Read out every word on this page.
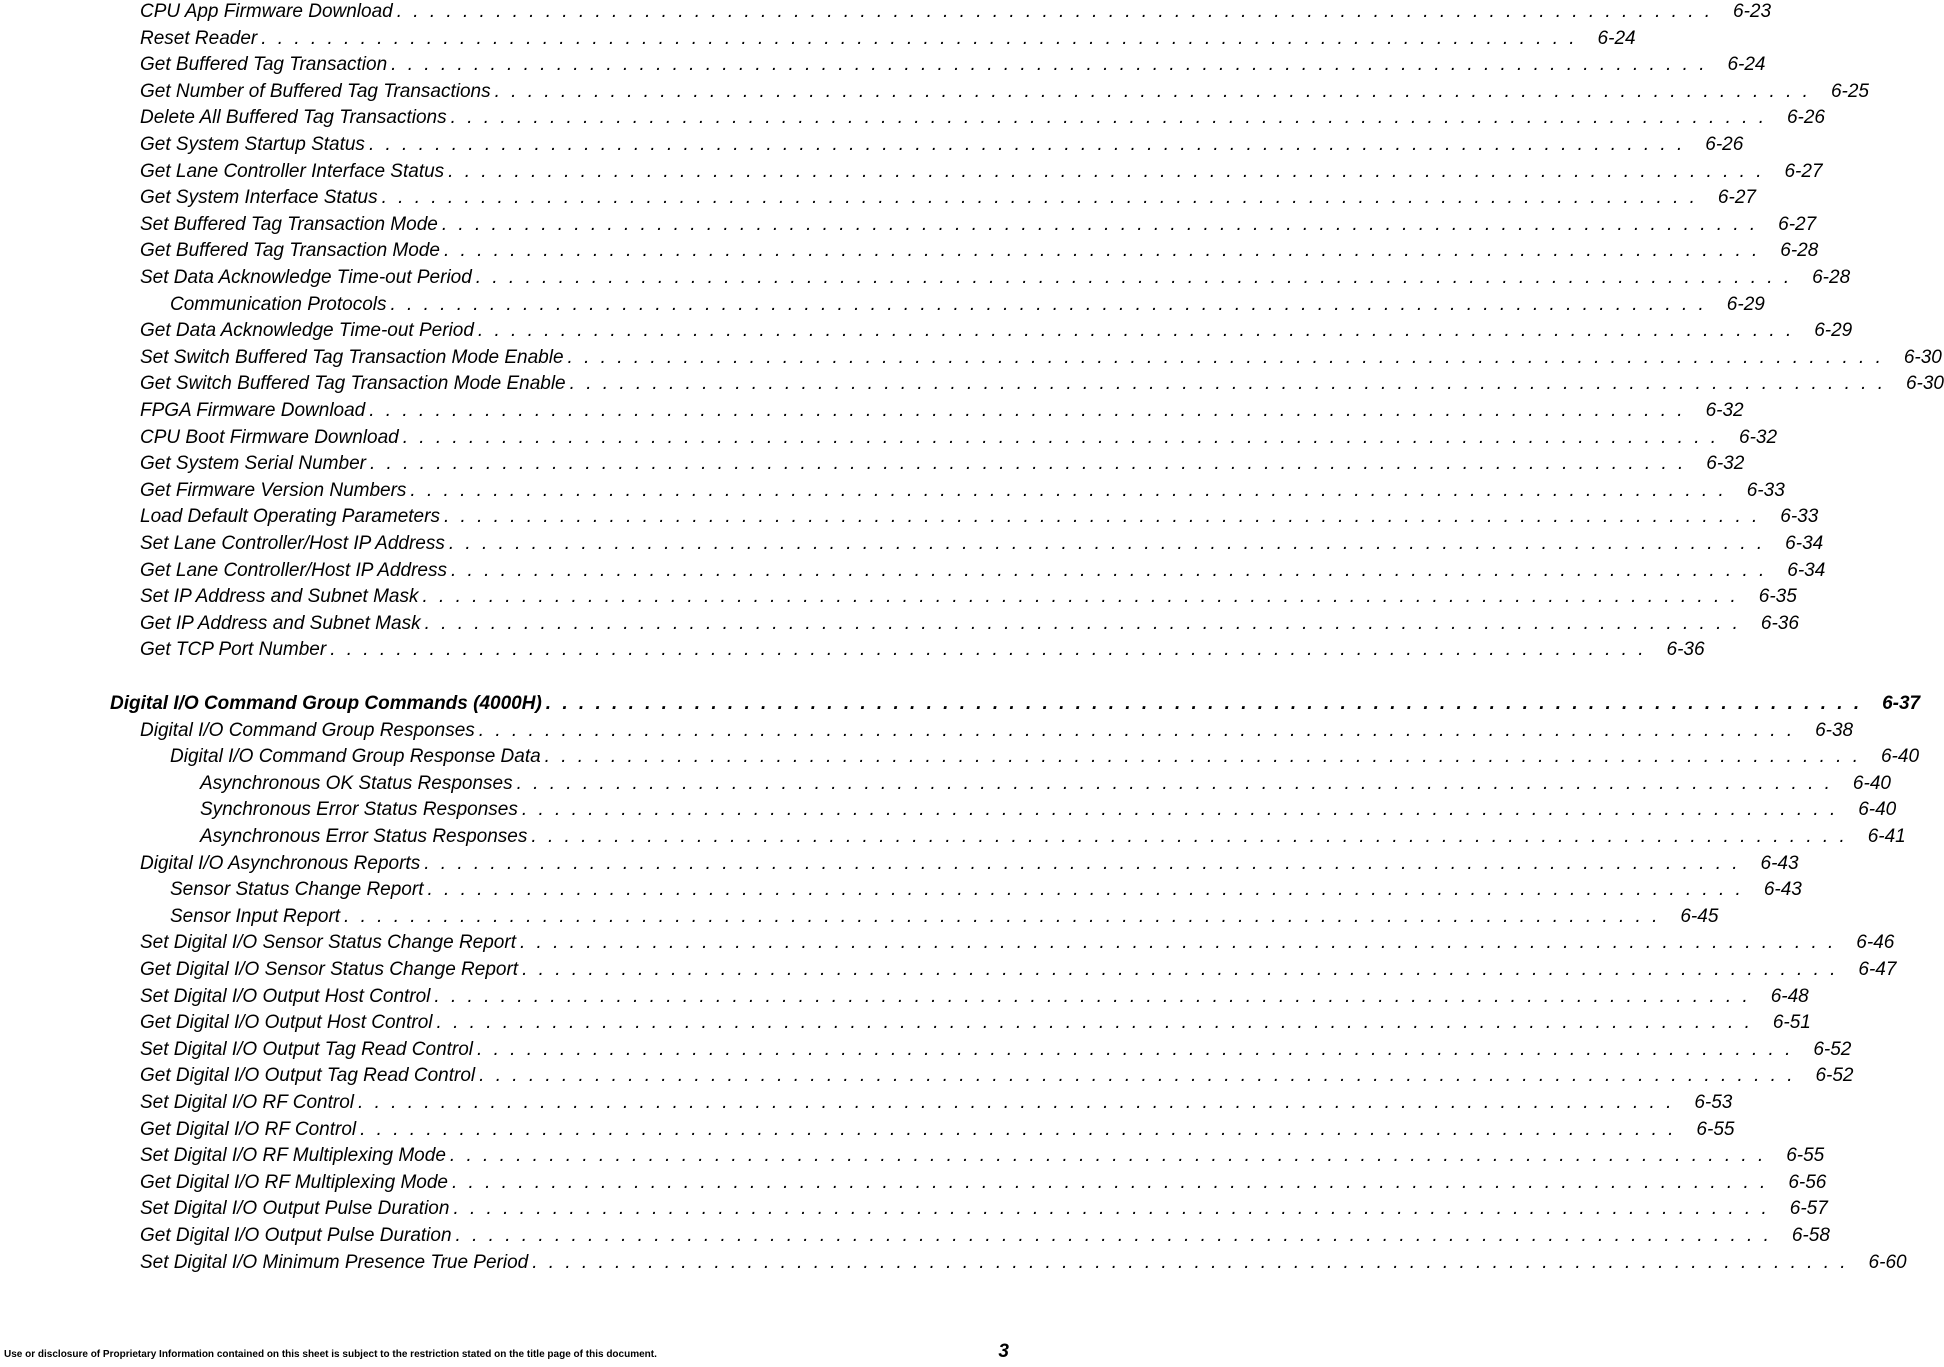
CPU App Firmware Download . . . . . . . . . . . . . . . . . . . . . . . . . . . . . . . . . . . . . . . . . . . . . . . . . . . . . . . . . . . . . . . . . . . . . . . . . . . . . . . .	6-23
Reset Reader . . . . . . . . . . . . . . . . . . . . . . . . . . . . . . . . . . . . . . . . . . . . . . . . . . . . . . . . . . . . . . . . . . . . . . . . . . . . . . . .	6-24
Get Buffered Tag Transaction . . . . . . . . . . . . . . . . . . . . . . . . . . . . . . . . . . . . . . . . . . . . . . . . . . . . . . . . . . . . . . . . . . . . . . . . . . . . . . . .	6-24
Get Number of Buffered Tag Transactions . . . . . . . . . . . . . . . . . . . . . . . . . . . . . . . . . . . . . . . . . . . . . . . . . . . . . . . . . . . . . . . . . . . . . . . . . . . . . . . .	6-25
Delete All Buffered Tag Transactions . . . . . . . . . . . . . . . . . . . . . . . . . . . . . . . . . . . . . . . . . . . . . . . . . . . . . . . . . . . . . . . . . . . . . . . . . . . . . . . .	6-26
Get System Startup Status . . . . . . . . . . . . . . . . . . . . . . . . . . . . . . . . . . . . . . . . . . . . . . . . . . . . . . . . . . . . . . . . . . . . . . . . . . . . . . . .	6-26
Get Lane Controller Interface Status . . . . . . . . . . . . . . . . . . . . . . . . . . . . . . . . . . . . . . . . . . . . . . . . . . . . . . . . . . . . . . . . . . . . . . . . . . . . . . . .	6-27
Get System Interface Status . . . . . . . . . . . . . . . . . . . . . . . . . . . . . . . . . . . . . . . . . . . . . . . . . . . . . . . . . . . . . . . . . . . . . . . . . . . . . . . .	6-27
Set Buffered Tag Transaction Mode . . . . . . . . . . . . . . . . . . . . . . . . . . . . . . . . . . . . . . . . . . . . . . . . . . . . . . . . . . . . . . . . . . . . . . . . . . . . . . . .	6-27
Get Buffered Tag Transaction Mode . . . . . . . . . . . . . . . . . . . . . . . . . . . . . . . . . . . . . . . . . . . . . . . . . . . . . . . . . . . . . . . . . . . . . . . . . . . . . . . .	6-28
Set Data Acknowledge Time-out Period . . . . . . . . . . . . . . . . . . . . . . . . . . . . . . . . . . . . . . . . . . . . . . . . . . . . . . . . . . . . . . . . . . . . . . . . . . . . . . . .	6-28
Communication Protocols . . . . . . . . . . . . . . . . . . . . . . . . . . . . . . . . . . . . . . . . . . . . . . . . . . . . . . . . . . . . . . . . . . . . . . . . . . . . . . . .	6-29
Get Data Acknowledge Time-out Period . . . . . . . . . . . . . . . . . . . . . . . . . . . . . . . . . . . . . . . . . . . . . . . . . . . . . . . . . . . . . . . . . . . . . . . . . . . . . . . .	6-29
Set Switch Buffered Tag Transaction Mode Enable . . . . . . . . . . . . . . . . . . . . . . . . . . . . . . . . . . . . . . . . . . . . . . . . . . . . . . . . . . . . . . . . . . . . . . . . . . . . . . . .	6-30
Get Switch Buffered Tag Transaction Mode Enable . . . . . . . . . . . . . . . . . . . . . . . . . . . . . . . . . . . . . . . . . . . . . . . . . . . . . . . . . . . . . . . . . . . . . . . . . . . . . . . .	6-30
FPGA Firmware Download . . . . . . . . . . . . . . . . . . . . . . . . . . . . . . . . . . . . . . . . . . . . . . . . . . . . . . . . . . . . . . . . . . . . . . . . . . . . . . . .	6-32
CPU Boot Firmware Download . . . . . . . . . . . . . . . . . . . . . . . . . . . . . . . . . . . . . . . . . . . . . . . . . . . . . . . . . . . . . . . . . . . . . . . . . . . . . . . .	6-32
Get System Serial Number . . . . . . . . . . . . . . . . . . . . . . . . . . . . . . . . . . . . . . . . . . . . . . . . . . . . . . . . . . . . . . . . . . . . . . . . . . . . . . . .	6-32
Get Firmware Version Numbers . . . . . . . . . . . . . . . . . . . . . . . . . . . . . . . . . . . . . . . . . . . . . . . . . . . . . . . . . . . . . . . . . . . . . . . . . . . . . . . .	6-33
Load Default Operating Parameters . . . . . . . . . . . . . . . . . . . . . . . . . . . . . . . . . . . . . . . . . . . . . . . . . . . . . . . . . . . . . . . . . . . . . . . . . . . . . . . .	6-33
Set Lane Controller/Host IP Address . . . . . . . . . . . . . . . . . . . . . . . . . . . . . . . . . . . . . . . . . . . . . . . . . . . . . . . . . . . . . . . . . . . . . . . . . . . . . . . .	6-34
Get Lane Controller/Host IP Address . . . . . . . . . . . . . . . . . . . . . . . . . . . . . . . . . . . . . . . . . . . . . . . . . . . . . . . . . . . . . . . . . . . . . . . . . . . . . . . .	6-34
Set IP Address and Subnet Mask . . . . . . . . . . . . . . . . . . . . . . . . . . . . . . . . . . . . . . . . . . . . . . . . . . . . . . . . . . . . . . . . . . . . . . . . . . . . . . . .	6-35
Get IP Address and Subnet Mask . . . . . . . . . . . . . . . . . . . . . . . . . . . . . . . . . . . . . . . . . . . . . . . . . . . . . . . . . . . . . . . . . . . . . . . . . . . . . . . .	6-36
Get TCP Port Number . . . . . . . . . . . . . . . . . . . . . . . . . . . . . . . . . . . . . . . . . . . . . . . . . . . . . . . . . . . . . . . . . . . . . . . . . . . . . . . .	6-36
Digital I/O Command Group Commands (4000H) . . . . . . . . . . . . . . . . . . . . . . . . . . . . . . . . . . . . . . . . . . . . . . . . . . . . . . . . . . . . . . . . . . . . . . . . . . . . . . . .	6-37
Digital I/O Command Group Responses . . . . . . . . . . . . . . . . . . . . . . . . . . . . . . . . . . . . . . . . . . . . . . . . . . . . . . . . . . . . . . . . . . . . . . . . . . . . . . . .	6-38
Digital I/O Command Group Response Data . . . . . . . . . . . . . . . . . . . . . . . . . . . . . . . . . . . . . . . . . . . . . . . . . . . . . . . . . . . . . . . . . . . . . . . . . . . . . . . .	6-40
Asynchronous OK Status Responses . . . . . . . . . . . . . . . . . . . . . . . . . . . . . . . . . . . . . . . . . . . . . . . . . . . . . . . . . . . . . . . . . . . . . . . . . . . . . . . .	6-40
Synchronous Error Status Responses . . . . . . . . . . . . . . . . . . . . . . . . . . . . . . . . . . . . . . . . . . . . . . . . . . . . . . . . . . . . . . . . . . . . . . . . . . . . . . . .	6-40
Asynchronous Error Status Responses . . . . . . . . . . . . . . . . . . . . . . . . . . . . . . . . . . . . . . . . . . . . . . . . . . . . . . . . . . . . . . . . . . . . . . . . . . . . . . . .	6-41
Digital I/O Asynchronous Reports . . . . . . . . . . . . . . . . . . . . . . . . . . . . . . . . . . . . . . . . . . . . . . . . . . . . . . . . . . . . . . . . . . . . . . . . . . . . . . . .	6-43
Sensor Status Change Report . . . . . . . . . . . . . . . . . . . . . . . . . . . . . . . . . . . . . . . . . . . . . . . . . . . . . . . . . . . . . . . . . . . . . . . . . . . . . . . .	6-43
Sensor Input Report . . . . . . . . . . . . . . . . . . . . . . . . . . . . . . . . . . . . . . . . . . . . . . . . . . . . . . . . . . . . . . . . . . . . . . . . . . . . . . . .	6-45
Set Digital I/O Sensor Status Change Report . . . . . . . . . . . . . . . . . . . . . . . . . . . . . . . . . . . . . . . . . . . . . . . . . . . . . . . . . . . . . . . . . . . . . . . . . . . . . . . .	6-46
Get Digital I/O Sensor Status Change Report . . . . . . . . . . . . . . . . . . . . . . . . . . . . . . . . . . . . . . . . . . . . . . . . . . . . . . . . . . . . . . . . . . . . . . . . . . . . . . . .	6-47
Set Digital I/O Output Host Control . . . . . . . . . . . . . . . . . . . . . . . . . . . . . . . . . . . . . . . . . . . . . . . . . . . . . . . . . . . . . . . . . . . . . . . . . . . . . . . .	6-48
Get Digital I/O Output Host Control . . . . . . . . . . . . . . . . . . . . . . . . . . . . . . . . . . . . . . . . . . . . . . . . . . . . . . . . . . . . . . . . . . . . . . . . . . . . . . . .	6-51
Set Digital I/O Output Tag Read Control . . . . . . . . . . . . . . . . . . . . . . . . . . . . . . . . . . . . . . . . . . . . . . . . . . . . . . . . . . . . . . . . . . . . . . . . . . . . . . . .	6-52
Get Digital I/O Output Tag Read Control . . . . . . . . . . . . . . . . . . . . . . . . . . . . . . . . . . . . . . . . . . . . . . . . . . . . . . . . . . . . . . . . . . . . . . . . . . . . . . . .	6-52
Set Digital I/O RF Control . . . . . . . . . . . . . . . . . . . . . . . . . . . . . . . . . . . . . . . . . . . . . . . . . . . . . . . . . . . . . . . . . . . . . . . . . . . . . . . .	6-53
Get Digital I/O RF Control . . . . . . . . . . . . . . . . . . . . . . . . . . . . . . . . . . . . . . . . . . . . . . . . . . . . . . . . . . . . . . . . . . . . . . . . . . . . . . . .	6-55
Set Digital I/O RF Multiplexing Mode . . . . . . . . . . . . . . . . . . . . . . . . . . . . . . . . . . . . . . . . . . . . . . . . . . . . . . . . . . . . . . . . . . . . . . . . . . . . . . . .	6-55
Get Digital I/O RF Multiplexing Mode . . . . . . . . . . . . . . . . . . . . . . . . . . . . . . . . . . . . . . . . . . . . . . . . . . . . . . . . . . . . . . . . . . . . . . . . . . . . . . . .	6-56
Set Digital I/O Output Pulse Duration . . . . . . . . . . . . . . . . . . . . . . . . . . . . . . . . . . . . . . . . . . . . . . . . . . . . . . . . . . . . . . . . . . . . . . . . . . . . . . . .	6-57
Get Digital I/O Output Pulse Duration . . . . . . . . . . . . . . . . . . . . . . . . . . . . . . . . . . . . . . . . . . . . . . . . . . . . . . . . . . . . . . . . . . . . . . . . . . . . . . . .	6-58
Set Digital I/O Minimum Presence True Period . . . . . . . . . . . . . . . . . . . . . . . . . . . . . . . . . . . . . . . . . . . . . . . . . . . . . . . . . . . . . . . . . . . . . . . . . . . . . . . .	6-60
Use or disclosure of Proprietary Information contained on this sheet is subject to the restriction stated on the title page of this document.	3
